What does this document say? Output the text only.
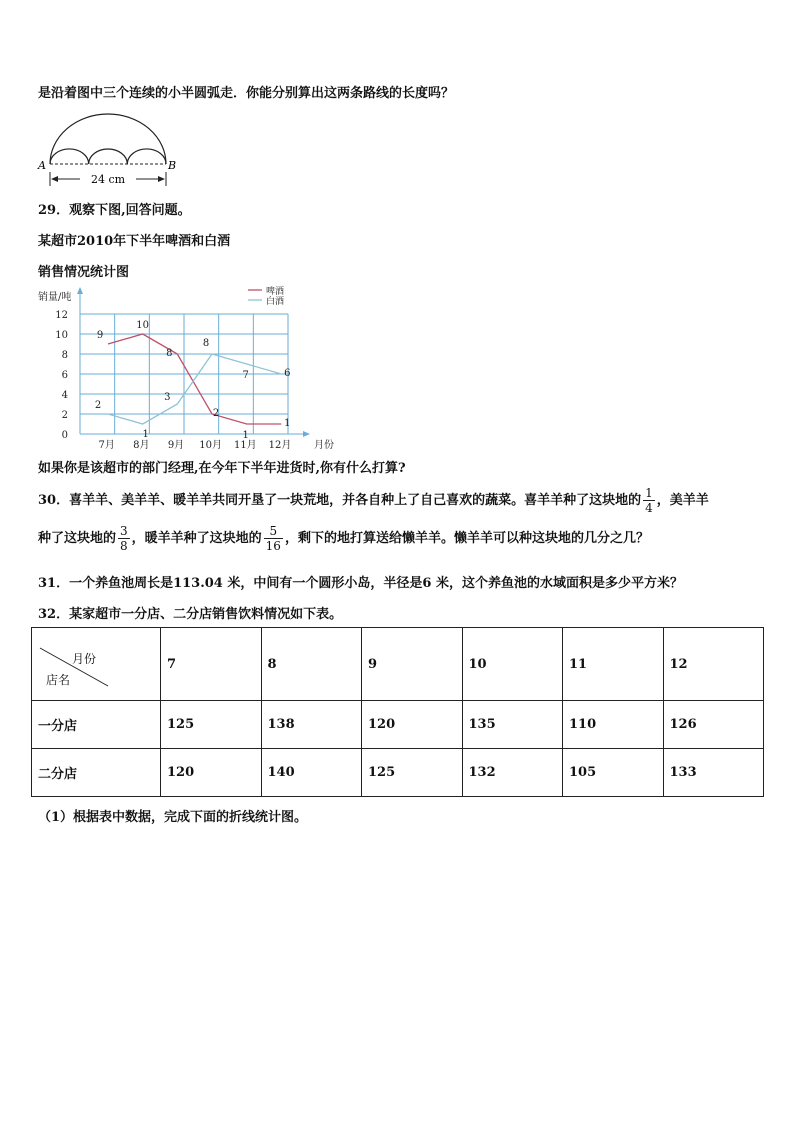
是沿着图中三个连续的小半圆弧走．你能分别算出这两条路线的长度吗？
A	B
24 cm
29．观察下图,回答问题。
某超市2010年下半年啤酒和白酒
销售情况统计图
0
2
4
6
8
10
12
销量/吨
月份
7月 8月 9月 10月 11月 12月
9
10
8
2
1
1
2
1
3
8
7	6
啤酒
白酒
如果你是该超市的部门经理,在今年下半年进货时,你有什么打算?
30．喜羊羊、美羊羊、暖羊羊共同开垦了一块荒地，并各自种上了自己喜欢的蔬菜。喜羊羊种了这块地的 $\frac{1}{4}$ ，美羊羊
种了这块地的 $\frac{3}{8}$ ，暖羊羊种了这块地的 $\frac{5}{16}$ ，剩下的地打算送给懒羊羊。懒羊羊可以种这块地的几分之几？
31．一个养鱼池周长是113.04 米，中间有一个圆形小岛，半径是6 米，这个养鱼池的水域面积是多少平方米？
32．某家超市一分店、二分店销售饮料情况如下表。
月份
店名	7	8	9	10	11	12
一分店	125	138	120	135	110	126
二分店	120	140	125	132	105	133
（1）根据表中数据，完成下面的折线统计图。
